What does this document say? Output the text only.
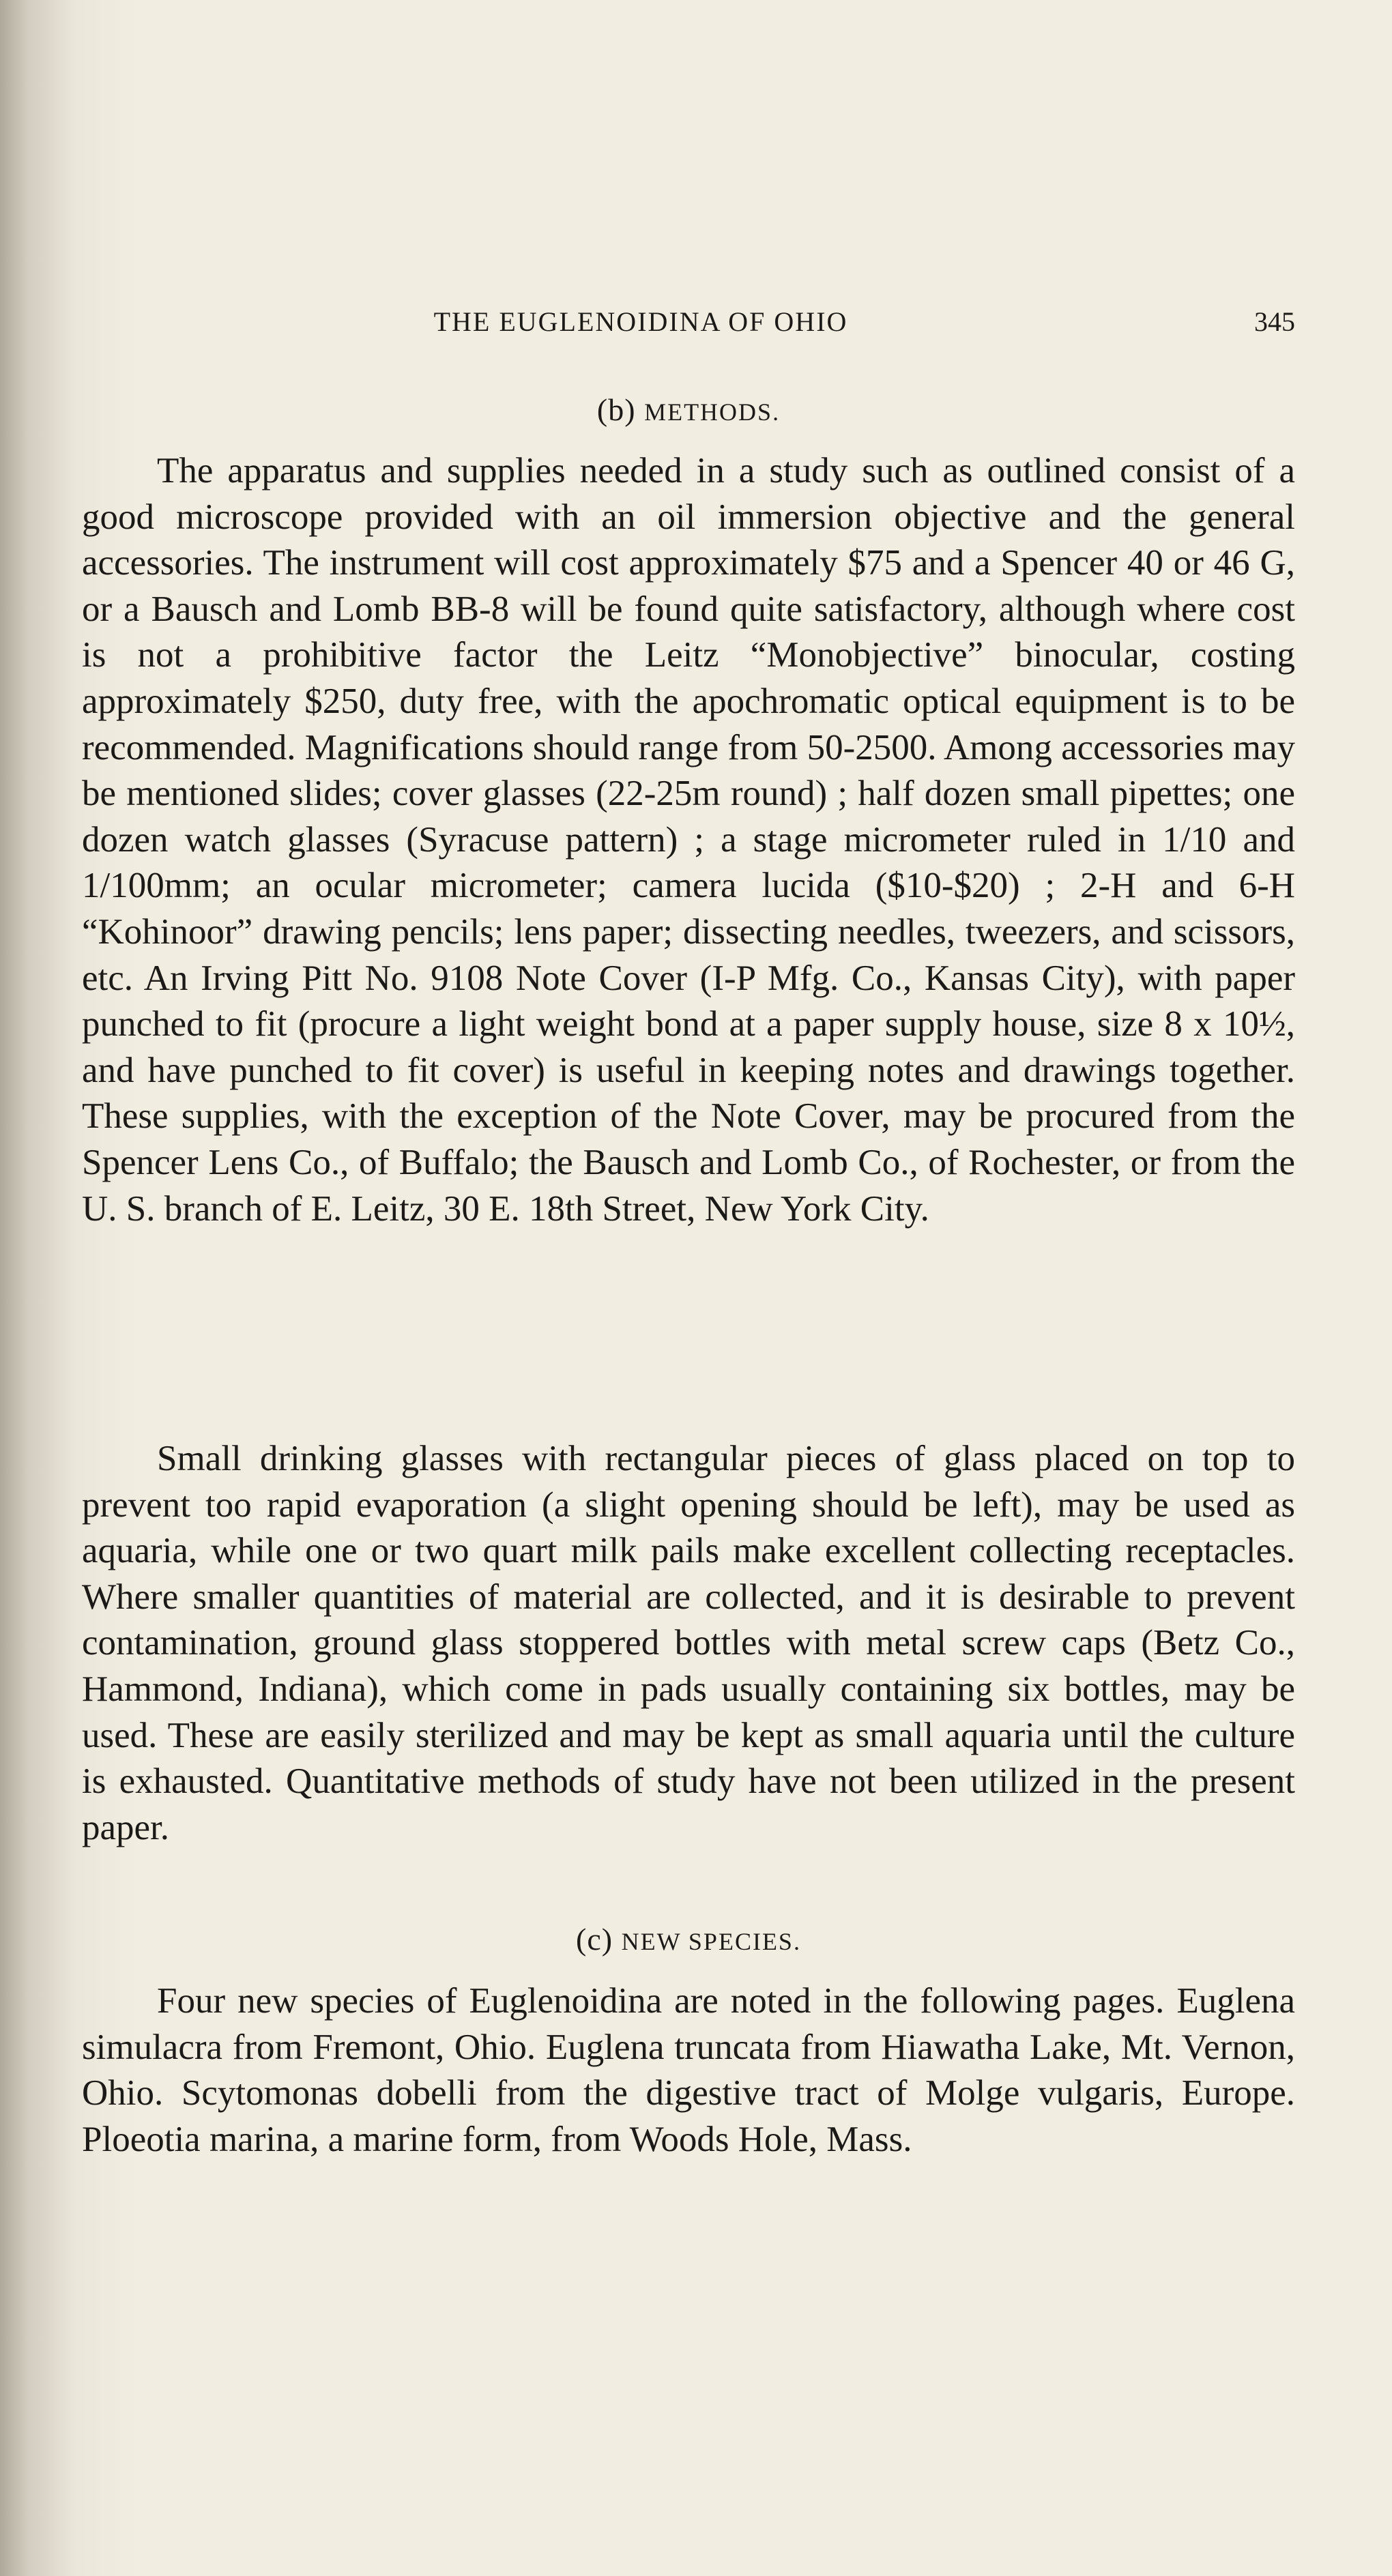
THE EUGLENOIDINA OF OHIO	345
(b) METHODS.

The apparatus and supplies needed in a study such as outlined consist of a good microscope provided with an oil immersion objective and the general accessories. The instrument will cost approximately $75 and a Spencer 40 or 46 G, or a Bausch and Lomb BB-8 will be found quite satisfactory, although where cost is not a prohibitive factor the Leitz “Monobjective” binocular, costing approximately $250, duty free, with the apochromatic optical equipment is to be recommended. Magnifications should range from 50-2500. Among accessories may be mentioned slides; cover glasses (22-25m round) ; half dozen small pipettes; one dozen watch glasses (Syracuse pattern) ; a stage micrometer ruled in 1/10 and 1/100mm; an ocular micrometer; camera lucida ($10-$20) ; 2-H and 6-H “Kohinoor” drawing pencils; lens paper; dissecting needles, tweezers, and scissors, etc. An Irving Pitt No. 9108 Note Cover (I-P Mfg. Co., Kansas City), with paper punched to fit (procure a light weight bond at a paper supply house, size 8 x 10½, and have punched to fit cover) is useful in keeping notes and drawings together. These supplies, with the exception of the Note Cover, may be procured from the Spencer Lens Co., of Buffalo; the Bausch and Lomb Co., of Rochester, or from the U. S. branch of E. Leitz, 30 E. 18th Street, New York City.

Small drinking glasses with rectangular pieces of glass placed on top to prevent too rapid evaporation (a slight opening should be left), may be used as aquaria, while one or two quart milk pails make excellent collecting receptacles. Where smaller quantities of material are collected, and it is desirable to prevent contamination, ground glass stoppered bottles with metal screw caps (Betz Co., Hammond, Indiana), which come in pads usually containing six bottles, may be used. These are easily sterilized and may be kept as small aquaria until the culture is exhausted. Quantitative methods of study have not been utilized in the present paper.

(c) NEW SPECIES.

Four new species of Euglenoidina are noted in the following pages. Euglena simulacra from Fremont, Ohio. Euglena truncata from Hiawatha Lake, Mt. Vernon, Ohio. Scytomonas dobelli from the digestive tract of Molge vulgaris, Europe. Ploeotia marina, a marine form, from Woods Hole, Mass.
